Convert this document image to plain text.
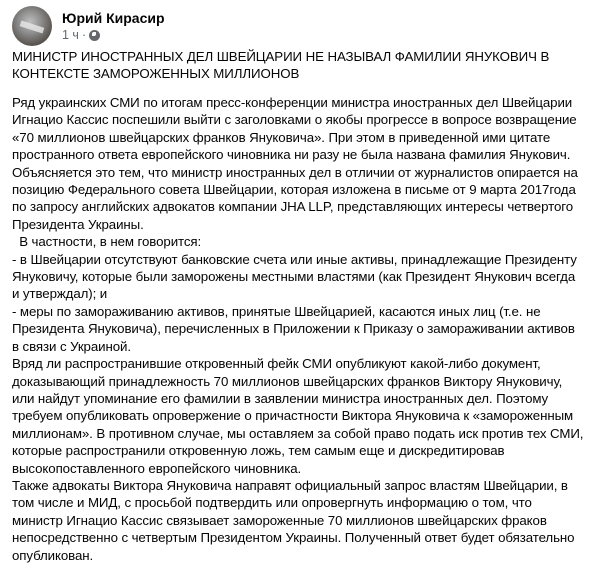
Юрий Кирасир
1 ч ·
МИНИСТР ИНОСТРАННЫХ ДЕЛ ШВЕЙЦАРИИ НЕ НАЗЫВАЛ ФАМИЛИИ ЯНУКОВИЧ В
КОНТЕКСТЕ ЗАМОРОЖЕННЫХ МИЛЛИОНОВ
Ряд украинских СМИ по итогам пресс-конференции министра иностранных дел Швейцарии
Игнацио Кассис поспешили выйти с заголовками о якобы прогрессе в вопросе возвращение
«70 миллионов швейцарских франков Януковича». При этом в приведенной ими цитате
пространного ответа европейского чиновника ни разу не была названа фамилия Янукович.
Объясняется это тем, что министр иностранных дел в отличии от журналистов опирается на
позицию Федерального совета Швейцарии, которая изложена в письме от 9 марта 2017года
по запросу английских адвокатов компании JHA LLP, представляющих интересы четвертого
Президента Украины.
В частности, в нем говорится:
- в Швейцарии отсутствуют банковские счета или иные активы, принадлежащие Президенту
Януковичу, которые были заморожены местными властями (как Президент Янукович всегда
и утверждал); и
- меры по замораживанию активов, принятые Швейцарией, касаются иных лиц (т.е. не
Президента Януковича), перечисленных в Приложении к Приказу о замораживании активов
в связи с Украиной.
Вряд ли распространившие откровенный фейк СМИ опубликуют какой-либо документ,
доказывающий принадлежность 70 миллионов швейцарских франков Виктору Януковичу,
или найдут упоминание его фамилии в заявлении министра иностранных дел. Поэтому
требуем опубликовать опровержение о причастности Виктора Януковича к «замороженным
миллионам». В противном случае, мы оставляем за собой право подать иск против тех СМИ,
которые распространили откровенную ложь, тем самым еще и дискредитировав
высокопоставленного европейского чиновника.
Также адвокаты Виктора Януковича направят официальный запрос властям Швейцарии, в
том числе и МИД, с просьбой подтвердить или опровергнуть информацию о том, что
министр Игнацио Кассис связывает замороженные 70 миллионов швейцарских фраков
непосредственно с четвертым Президентом Украины. Полученный ответ будет обязательно
опубликован.
